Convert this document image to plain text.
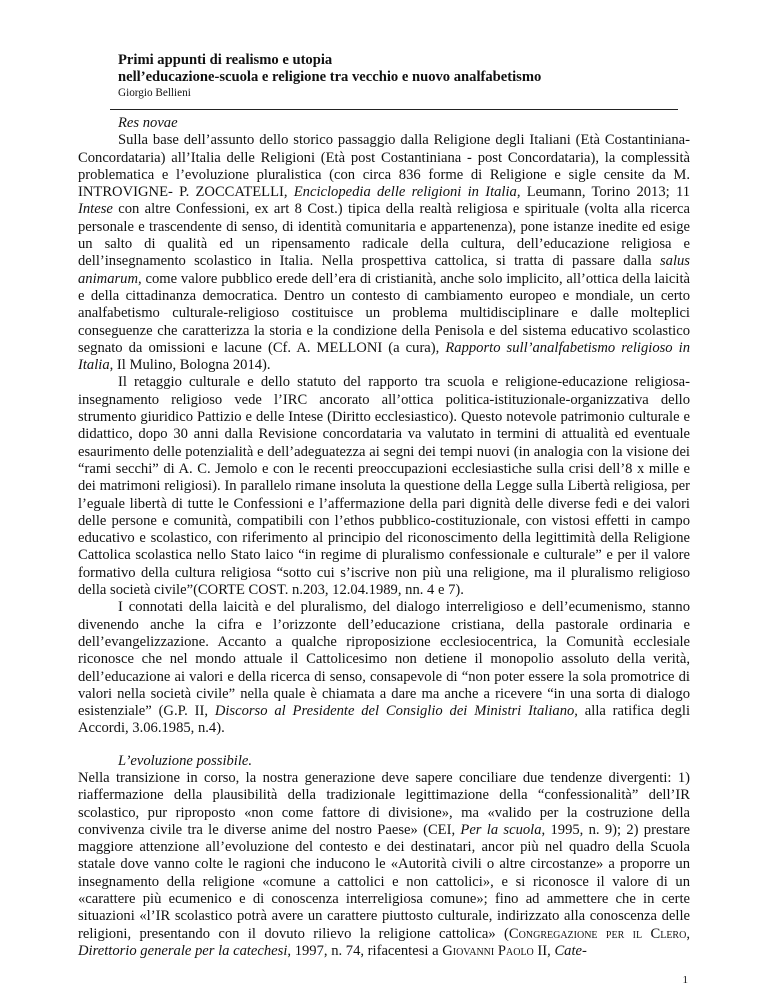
Primi appunti di realismo e utopia

nell’educazione-scuola e religione tra vecchio e nuovo analfabetismo

Giorgio Bellieni

Res novae

Sulla base dell’assunto dello storico passaggio dalla Religione degli Italiani (Età Costantiniana-Concordataria) all’Italia delle Religioni (Età post Costantiniana - post Concordataria), la complessità problematica e l’evoluzione pluralistica (con circa 836 forme di Religione e sigle censite da M. INTROVIGNE- P. ZOCCATELLI, Enciclopedia delle religioni in Italia, Leumann, Torino 2013; 11 Intese con altre Confessioni, ex art 8 Cost.) tipica della realtà religiosa e spirituale (volta alla ricerca personale e trascendente di senso, di identità comunitaria e appartenenza), pone istanze inedite ed esige un salto di qualità ed un ripensamento radicale della cultura, dell’educazione religiosa e dell’insegnamento scolastico in Italia. Nella prospettiva cattolica, si tratta di passare dalla salus animarum, come valore pubblico erede dell’era di cristianità, anche solo implicito, all’ottica della laicità e della cittadinanza democratica. Dentro un contesto di cambiamento europeo e mondiale, un certo analfabetismo culturale-religioso costituisce un problema multidisciplinare e dalle molteplici conseguenze che caratterizza la storia e la condizione della Penisola e del sistema educativo scolastico segnato da omissioni e lacune (Cf. A. MELLONI (a cura), Rapporto sull’analfabetismo religioso in Italia, Il Mulino, Bologna 2014).

Il retaggio culturale e dello statuto del rapporto tra scuola e religione-educazione religiosa-insegnamento religioso vede l’IRC ancorato all’ottica politica-istituzionale-organizzativa dello strumento giuridico Pattizio e delle Intese (Diritto ecclesiastico). Questo notevole patrimonio culturale e didattico, dopo 30 anni dalla Revisione concordataria va valutato in termini di attualità ed eventuale esaurimento delle potenzialità e dell’adeguatezza ai segni dei tempi nuovi (in analogia con la visione dei “rami secchi” di A. C. Jemolo e con le recenti preoccupazioni ecclesiastiche sulla crisi dell’8 x mille e dei matrimoni religiosi). In parallelo rimane insoluta la questione della Legge sulla Libertà religiosa, per l’eguale libertà di tutte le Confessioni e l’affermazione della pari dignità delle diverse fedi e dei valori delle persone e comunità, compatibili con l’ethos pubblico-costituzionale, con vistosi effetti in campo educativo e scolastico, con riferimento al principio del riconoscimento della legittimità della Religione Cattolica scolastica nello Stato laico “in regime di pluralismo confessionale e culturale” e per il valore formativo della cultura religiosa “sotto cui s’iscrive non più una religione, ma il pluralismo religioso della società civile”(CORTE COST. n.203, 12.04.1989, nn. 4 e 7).

I connotati della laicità e del pluralismo, del dialogo interreligioso e dell’ecumenismo, stanno divenendo anche la cifra e l’orizzonte dell’educazione cristiana, della pastorale ordinaria e dell’evangelizzazione. Accanto a qualche riproposizione ecclesiocentrica, la Comunità ecclesiale riconosce che nel mondo attuale il Cattolicesimo non detiene il monopolio assoluto della verità, dell’educazione ai valori e della ricerca di senso, consapevole di “non poter essere la sola promotrice di valori nella società civile” nella quale è chiamata a dare ma anche a ricevere “in una sorta di dialogo esistenziale” (G.P. II, Discorso al Presidente del Consiglio dei Ministri Italiano, alla ratifica degli Accordi, 3.06.1985, n.4).

L’evoluzione possibile.

Nella transizione in corso, la nostra generazione deve sapere conciliare due tendenze divergenti: 1) riaffermazione della plausibilità della tradizionale legittimazione della “confessionalità” dell’IR scolastico, pur riproposto «non come fattore di divisione», ma «valido per la costruzione della convivenza civile tra le diverse anime del nostro Paese» (CEI, Per la scuola, 1995, n. 9); 2) prestare maggiore attenzione all’evoluzione del contesto e dei destinatari, ancor più nel quadro della Scuola statale dove vanno colte le ragioni che inducono le «Autorità civili o altre circostanze» a proporre un insegnamento della religione «comune a cattolici e non cattolici», e si riconosce il valore di un «carattere più ecumenico e di conoscenza interreligiosa comune»; fino ad ammettere che in certe situazioni «l’IR scolastico potrà avere un carattere piuttosto culturale, indirizzato alla conoscenza delle religioni, presentando con il dovuto rilievo la religione cattolica» (Congregazione per il Clero, Direttorio generale per la catechesi, 1997, n. 74, rifacentesi a Giovanni Paolo II, Cate-

1
